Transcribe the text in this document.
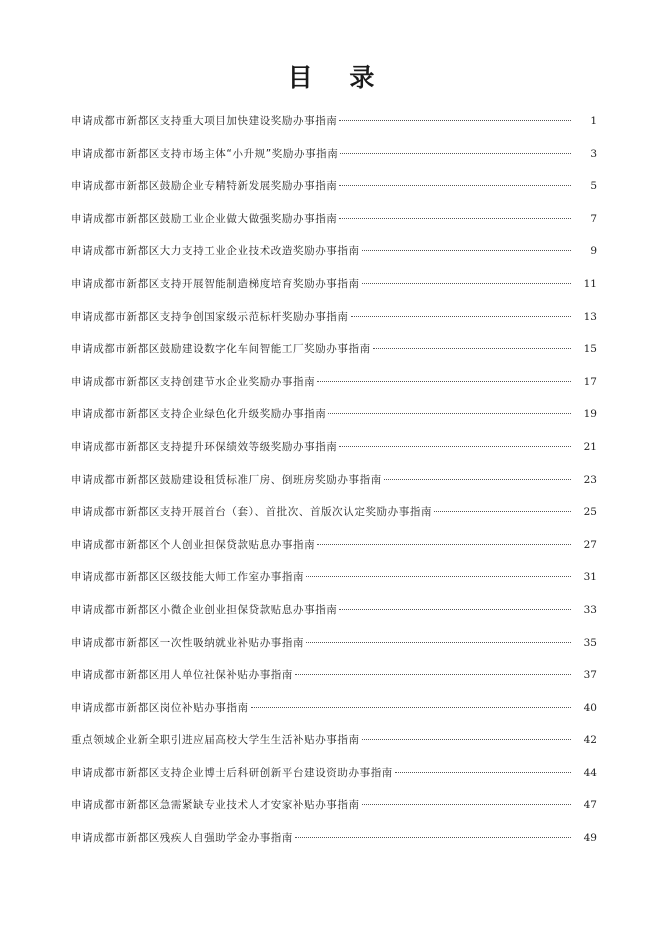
目 录
申请成都市新都区支持重大项目加快建设奖励办事指南	1
申请成都市新都区支持市场主体“小升规”奖励办事指南	3
申请成都市新都区鼓励企业专精特新发展奖励办事指南	5
申请成都市新都区鼓励工业企业做大做强奖励办事指南	7
申请成都市新都区大力支持工业企业技术改造奖励办事指南	9
申请成都市新都区支持开展智能制造梯度培育奖励办事指南	11
申请成都市新都区支持争创国家级示范标杆奖励办事指南	13
申请成都市新都区鼓励建设数字化车间智能工厂奖励办事指南	15
申请成都市新都区支持创建节水企业奖励办事指南	17
申请成都市新都区支持企业绿色化升级奖励办事指南	19
申请成都市新都区支持提升环保绩效等级奖励办事指南	21
申请成都市新都区鼓励建设租赁标准厂房、倒班房奖励办事指南	23
申请成都市新都区支持开展首台（套）、首批次、首版次认定奖励办事指南	25
申请成都市新都区个人创业担保贷款贴息办事指南	27
申请成都市新都区区级技能大师工作室办事指南	31
申请成都市新都区小微企业创业担保贷款贴息办事指南	33
申请成都市新都区一次性吸纳就业补贴办事指南	35
申请成都市新都区用人单位社保补贴办事指南	37
申请成都市新都区岗位补贴办事指南	40
重点领域企业新全职引进应届高校大学生生活补贴办事指南	42
申请成都市新都区支持企业博士后科研创新平台建设资助办事指南	44
申请成都市新都区急需紧缺专业技术人才安家补贴办事指南	47
申请成都市新都区残疾人自强助学金办事指南	49
